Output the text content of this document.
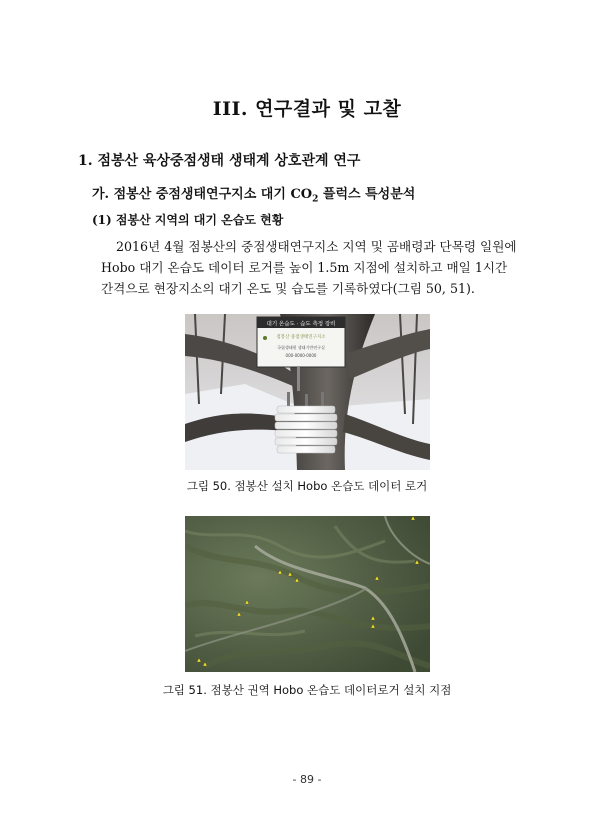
III. 연구결과 및 고찰
1. 점봉산 육상중점생태 생태계 상호관계 연구
가. 점봉산 중점생태연구지소 대기 $CO_2$ 플럭스 특성분석
(1) 점봉산 지역의 대기 온습도 현황
2016년 4월 점봉산의 중점생태연구지소 지역 및 곰배령과 단목령 일원에
Hobo 대기 온습도 데이터 로거를 높이 1.5m 지점에 설치하고 매일 1시간
간격으로 현장지소의 대기 온도 및 습도를 기록하였다(그림 50, 51).
대기 온습도 · 습도 측정 장비
점봉산 중점생태연구지소
국립생태원 생태기반연구실
000-0000-0000
그림 50. 점봉산 설치 Hobo 온습도 데이터 로거
그림 51. 점봉산 권역 Hobo 온습도 데이터로거 설치 지점
- 89 -
